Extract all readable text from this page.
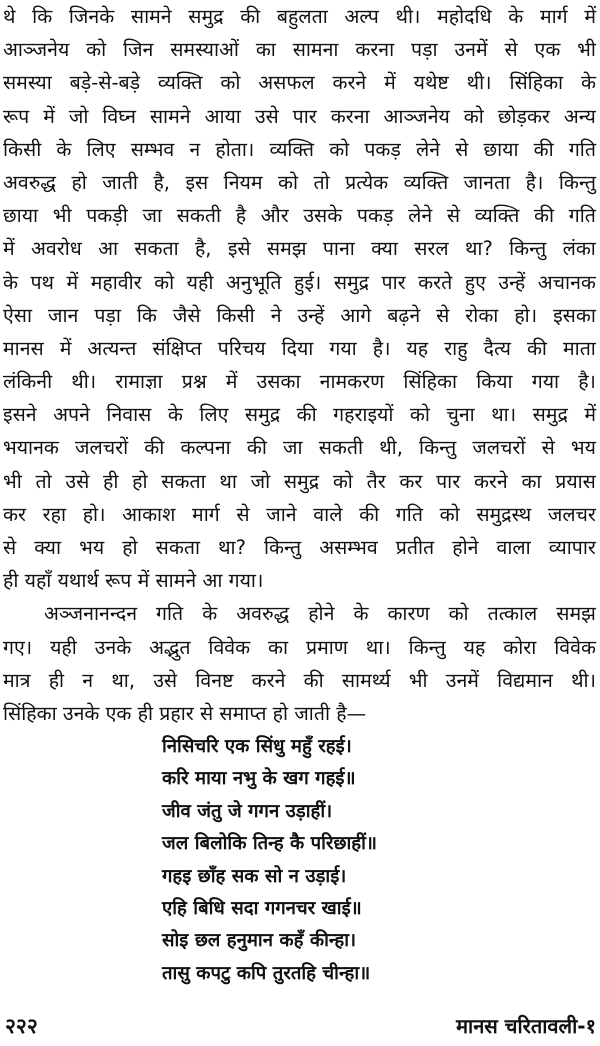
थे कि जिनके सामने समुद्र की बहुलता अल्प थी। महोदधि के मार्ग में
आञ्जनेय को जिन समस्याओं का सामना करना पड़ा उनमें से एक भी
समस्या बड़े-से-बड़े व्यक्ति को असफल करने में यथेष्ट थी। सिंहिका के
रूप में जो विघ्न सामने आया उसे पार करना आञ्जनेय को छोड़कर अन्य
किसी के लिए सम्भव न होता। व्यक्ति को पकड़ लेने से छाया की गति
अवरुद्ध हो जाती है, इस नियम को तो प्रत्येक व्यक्ति जानता है। किन्तु
छाया भी पकड़ी जा सकती है और उसके पकड़ लेने से व्यक्ति की गति
में अवरोध आ सकता है, इसे समझ पाना क्या सरल था? किन्तु लंका
के पथ में महावीर को यही अनुभूति हुई। समुद्र पार करते हुए उन्हें अचानक
ऐसा जान पड़ा कि जैसे किसी ने उन्हें आगे बढ़ने से रोका हो। इसका
मानस में अत्यन्त संक्षिप्त परिचय दिया गया है। यह राहु दैत्य की माता
लंकिनी थी। रामाज्ञा प्रश्न में उसका नामकरण सिंहिका किया गया है।
इसने अपने निवास के लिए समुद्र की गहराइयों को चुना था। समुद्र में
भयानक जलचरों की कल्पना की जा सकती थी, किन्तु जलचरों से भय
भी तो उसे ही हो सकता था जो समुद्र को तैर कर पार करने का प्रयास
कर रहा हो। आकाश मार्ग से जाने वाले की गति को समुद्रस्थ जलचर
से क्या भय हो सकता था? किन्तु असम्भव प्रतीत होने वाला व्यापार
ही यहाँ यथार्थ रूप में सामने आ गया।
अञ्जनानन्दन गति के अवरुद्ध होने के कारण को तत्काल समझ
गए। यही उनके अद्भुत विवेक का प्रमाण था। किन्तु यह कोरा विवेक
मात्र ही न था, उसे विनष्ट करने की सामर्थ्य भी उनमें विद्यमान थी।
सिंहिका उनके एक ही प्रहार से समाप्त हो जाती है—
निसिचरि एक सिंधु महुँ रहई।
करि माया नभु के खग गहई॥
जीव जंतु जे गगन उड़ाहीं।
जल बिलोकि तिन्ह कै परिछाहीं॥
गहइ छाँह सक सो न उड़ाई।
एहि बिधि सदा गगनचर खाई॥
सोइ छल हनुमान कहँ कीन्हा।
तासु कपटु कपि तुरतहि चीन्हा॥
२२२	मानस चरितावली-१
